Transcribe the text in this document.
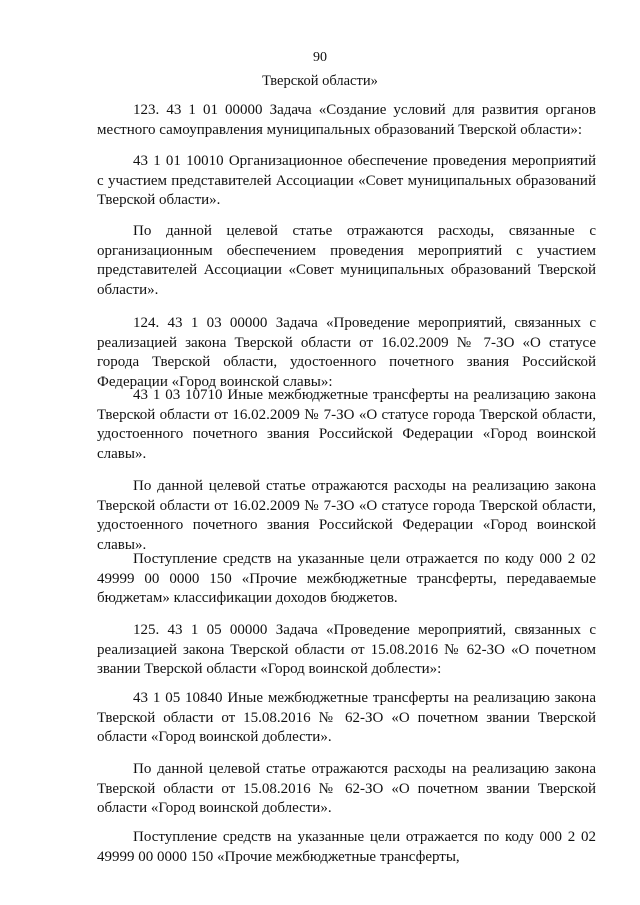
90
Тверской области»

123. 43 1 01 00000 Задача «Создание условий для развития органов местного самоуправления муниципальных образований Тверской области»:

43 1 01 10010 Организационное обеспечение проведения мероприятий с участием представителей Ассоциации «Совет муниципальных образований Тверской области».

По данной целевой статье отражаются расходы, связанные с организационным обеспечением проведения мероприятий с участием представителей Ассоциации «Совет муниципальных образований Тверской области».

124. 43 1 03 00000 Задача «Проведение мероприятий, связанных с реализацией закона Тверской области от 16.02.2009 № 7-ЗО «О статусе города Тверской области, удостоенного почетного звания Российской Федерации «Город воинской славы»:

43 1 03 10710 Иные межбюджетные трансферты на реализацию закона Тверской области от 16.02.2009 № 7-ЗО «О статусе города Тверской области, удостоенного почетного звания Российской Федерации «Город воинской славы».

По данной целевой статье отражаются расходы на реализацию закона Тверской области от 16.02.2009 № 7-ЗО «О статусе города Тверской области, удостоенного почетного звания Российской Федерации «Город воинской славы».

Поступление средств на указанные цели отражается по коду 000 2 02 49999 00 0000 150 «Прочие межбюджетные трансферты, передаваемые бюджетам» классификации доходов бюджетов.

125. 43 1 05 00000 Задача «Проведение мероприятий, связанных с реализацией закона Тверской области от 15.08.2016 № 62-ЗО «О почетном звании Тверской области «Город воинской доблести»:

43 1 05 10840 Иные межбюджетные трансферты на реализацию закона Тверской области от 15.08.2016 № 62-ЗО «О почетном звании Тверской области «Город воинской доблести».

По данной целевой статье отражаются расходы на реализацию закона Тверской области от 15.08.2016 № 62-ЗО «О почетном звании Тверской области «Город воинской доблести».

Поступление средств на указанные цели отражается по коду 000 2 02 49999 00 0000 150 «Прочие межбюджетные трансферты,
